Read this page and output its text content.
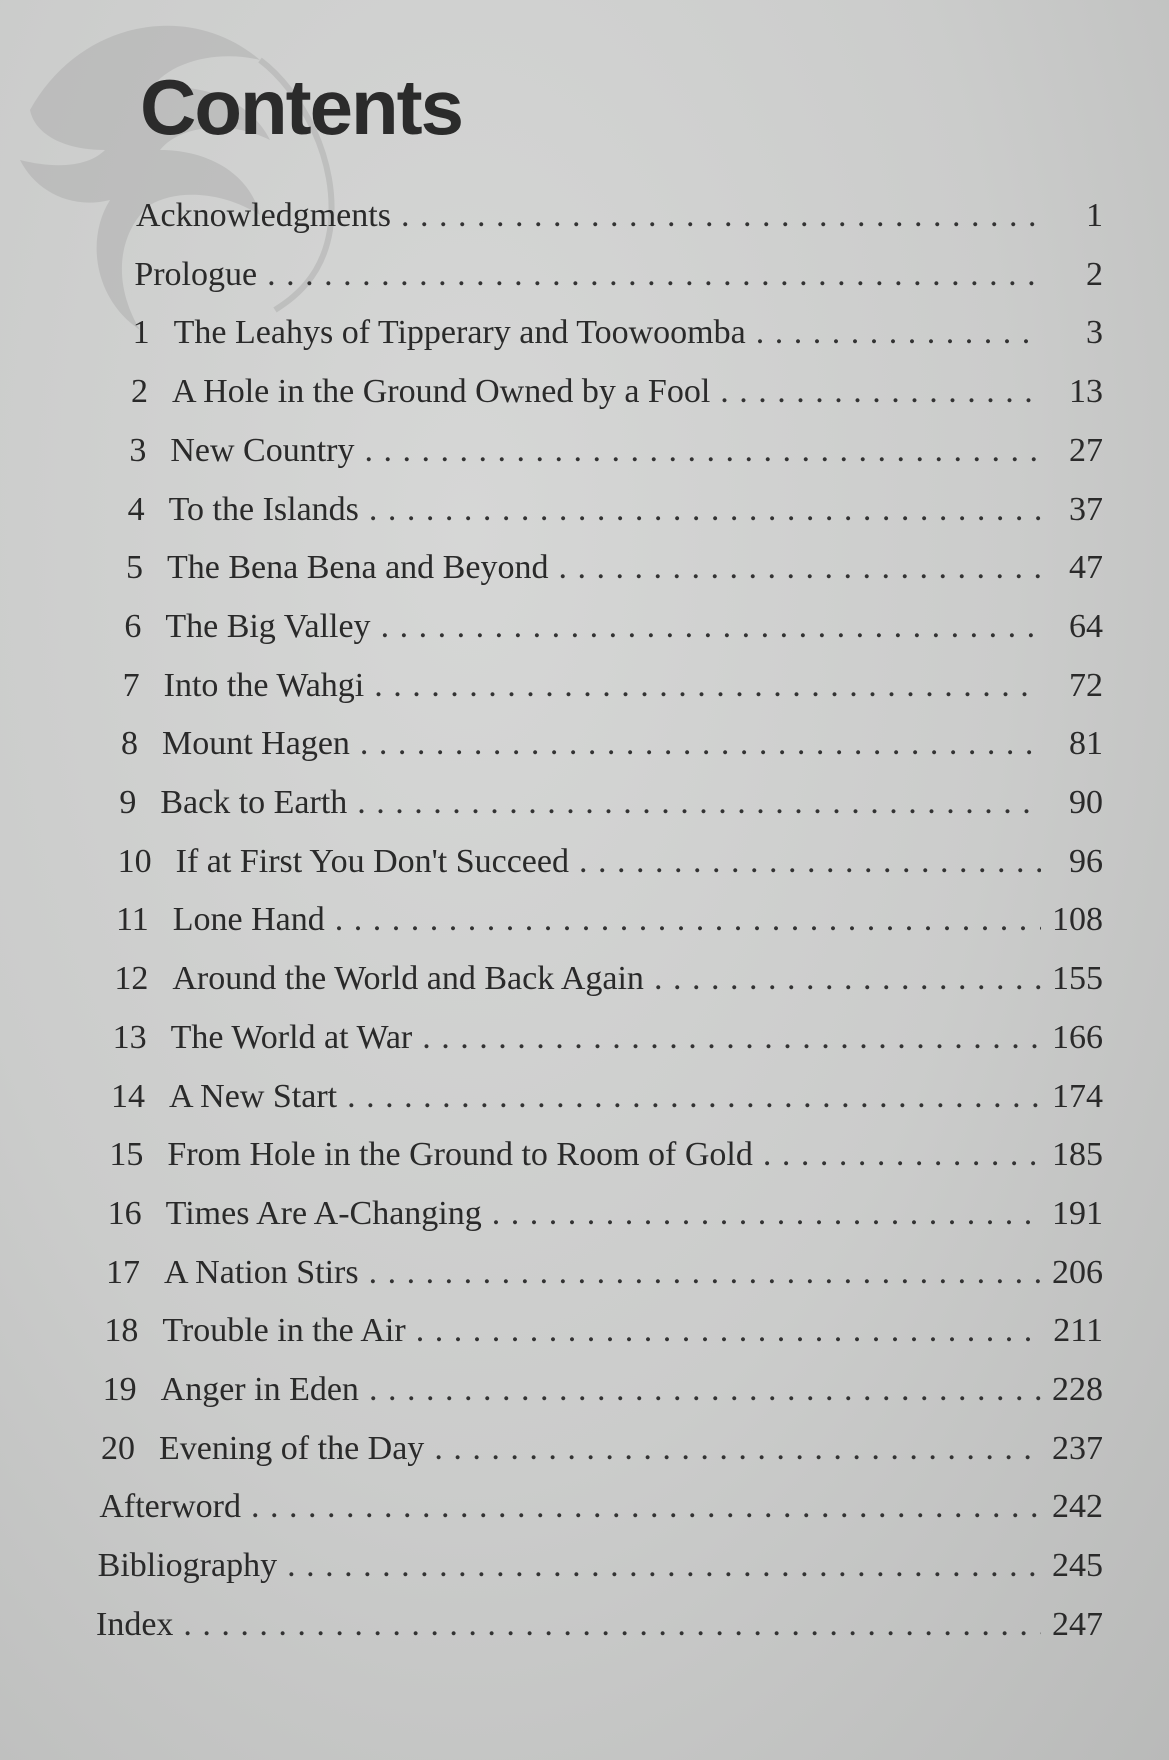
Contents
Acknowledgments . . .	1
Prologue . . .	2
1 The Leahys of Tipperary and Toowoomba . . .	3
2 A Hole in the Ground Owned by a Fool . . .	13
3 New Country . . .	27
4 To the Islands . . .	37
5 The Bena Bena and Beyond . . .	47
6 The Big Valley . . .	64
7 Into the Wahgi . . .	72
8 Mount Hagen . . .	81
9 Back to Earth . . .	90
10 If at First You Don't Succeed . . .	96
11 Lone Hand . . .	108
12 Around the World and Back Again . . .	155
13 The World at War . . .	166
14 A New Start . . .	174
15 From Hole in the Ground to Room of Gold . . .	185
16 Times Are A-Changing . . .	191
17 A Nation Stirs . . .	206
18 Trouble in the Air . . .	211
19 Anger in Eden . . .	228
20 Evening of the Day . . .	237
Afterword . . .	242
Bibliography . . .	245
Index . . .	247
